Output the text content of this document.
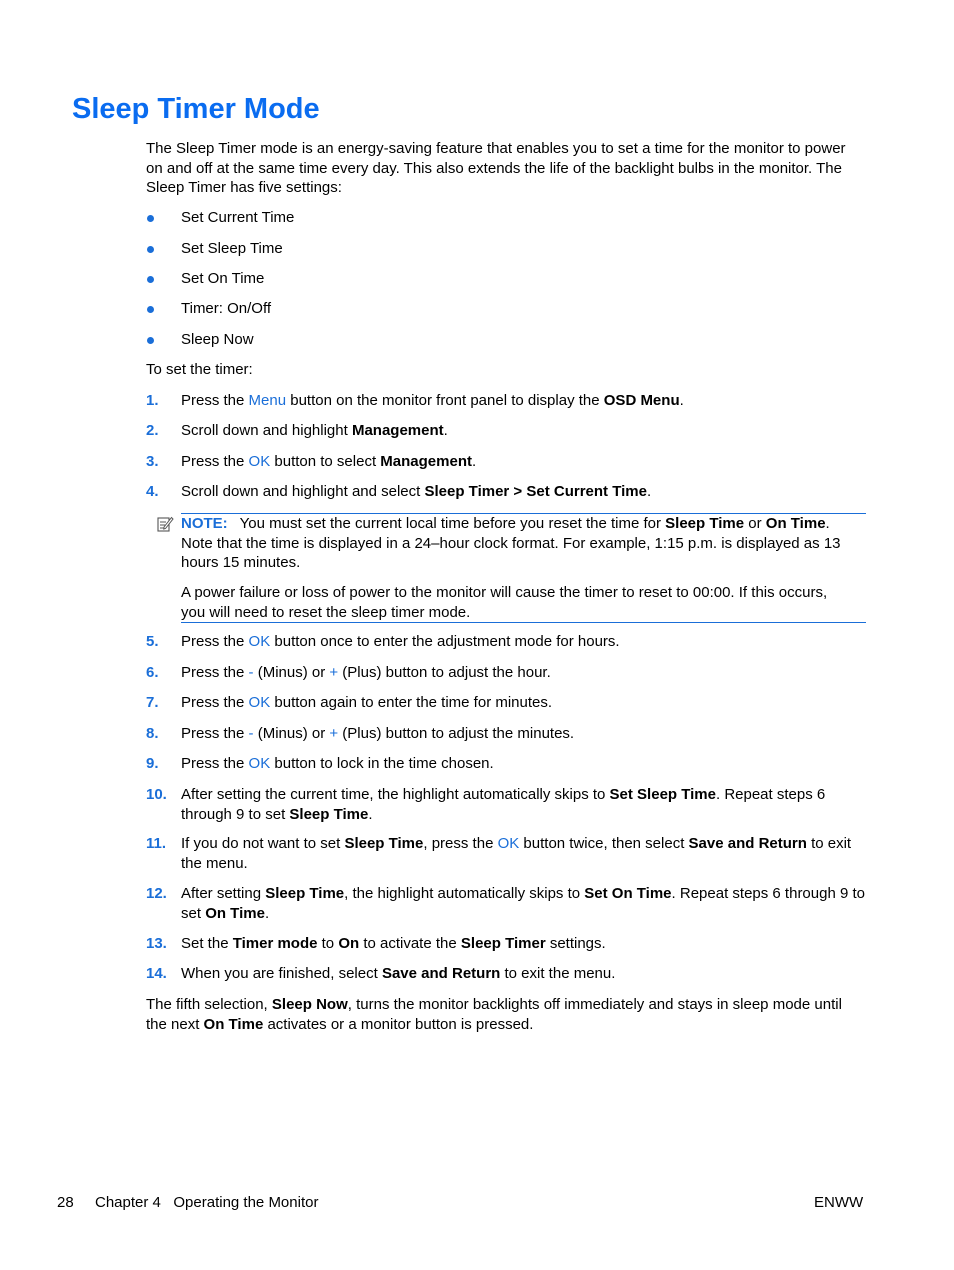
Sleep Timer Mode

The Sleep Timer mode is an energy-saving feature that enables you to set a time for the monitor to power on and off at the same time every day. This also extends the life of the backlight bulbs in the monitor. The Sleep Timer has five settings:

Set Current Time
Set Sleep Time
Set On Time
Timer: On/Off
Sleep Now

To set the timer:

1. Press the Menu button on the monitor front panel to display the OSD Menu.
2. Scroll down and highlight Management.
3. Press the OK button to select Management.
4. Scroll down and highlight and select Sleep Timer > Set Current Time.
5. Press the OK button once to enter the adjustment mode for hours.
6. Press the - (Minus) or + (Plus) button to adjust the hour.
7. Press the OK button again to enter the time for minutes.
8. Press the - (Minus) or + (Plus) button to adjust the minutes.
9. Press the OK button to lock in the time chosen.
10. After setting the current time, the highlight automatically skips to Set Sleep Time. Repeat steps 6 through 9 to set Sleep Time.
11. If you do not want to set Sleep Time, press the OK button twice, then select Save and Return to exit the menu.
12. After setting Sleep Time, the highlight automatically skips to Set On Time. Repeat steps 6 through 9 to set On Time.
13. Set the Timer mode to On to activate the Sleep Timer settings.
14. When you are finished, select Save and Return to exit the menu.
NOTE: You must set the current local time before you reset the time for Sleep Time or On Time. Note that the time is displayed in a 24–hour clock format. For example, 1:15 p.m. is displayed as 13 hours 15 minutes.
A power failure or loss of power to the monitor will cause the timer to reset to 00:00. If this occurs, you will need to reset the sleep timer mode.

The fifth selection, Sleep Now, turns the monitor backlights off immediately and stays in sleep mode until the next On Time activates or a monitor button is pressed.

28 Chapter 4   Operating the Monitor	ENWW
